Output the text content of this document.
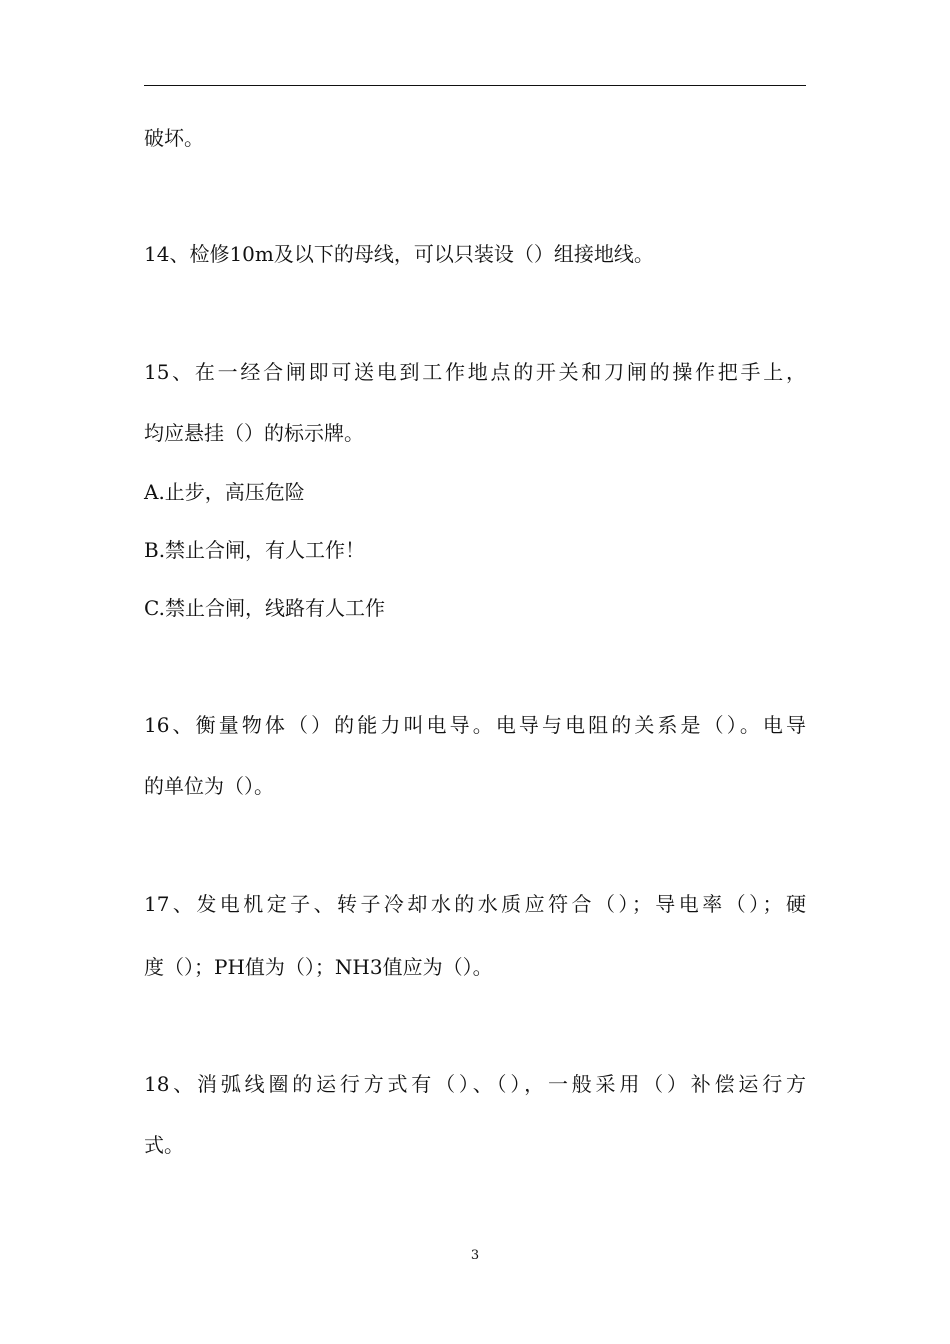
破坏。

14、检修10m及以下的母线，可以只装设（）组接地线。

15、在一经合闸即可送电到工作地点的开关和刀闸的操作把手上，

均应悬挂（）的标示牌。

A.止步，高压危险

B.禁止合闸，有人工作！

C.禁止合闸，线路有人工作

16、衡量物体（）的能力叫电导。电导与电阻的关系是（）。电导

的单位为（）。

17、发电机定子、转子冷却水的水质应符合（）；导电率（）；硬

度（）；PH值为（）；NH3值应为（）。

18、消弧线圈的运行方式有（）、（），一般采用（）补偿运行方

式。

3
